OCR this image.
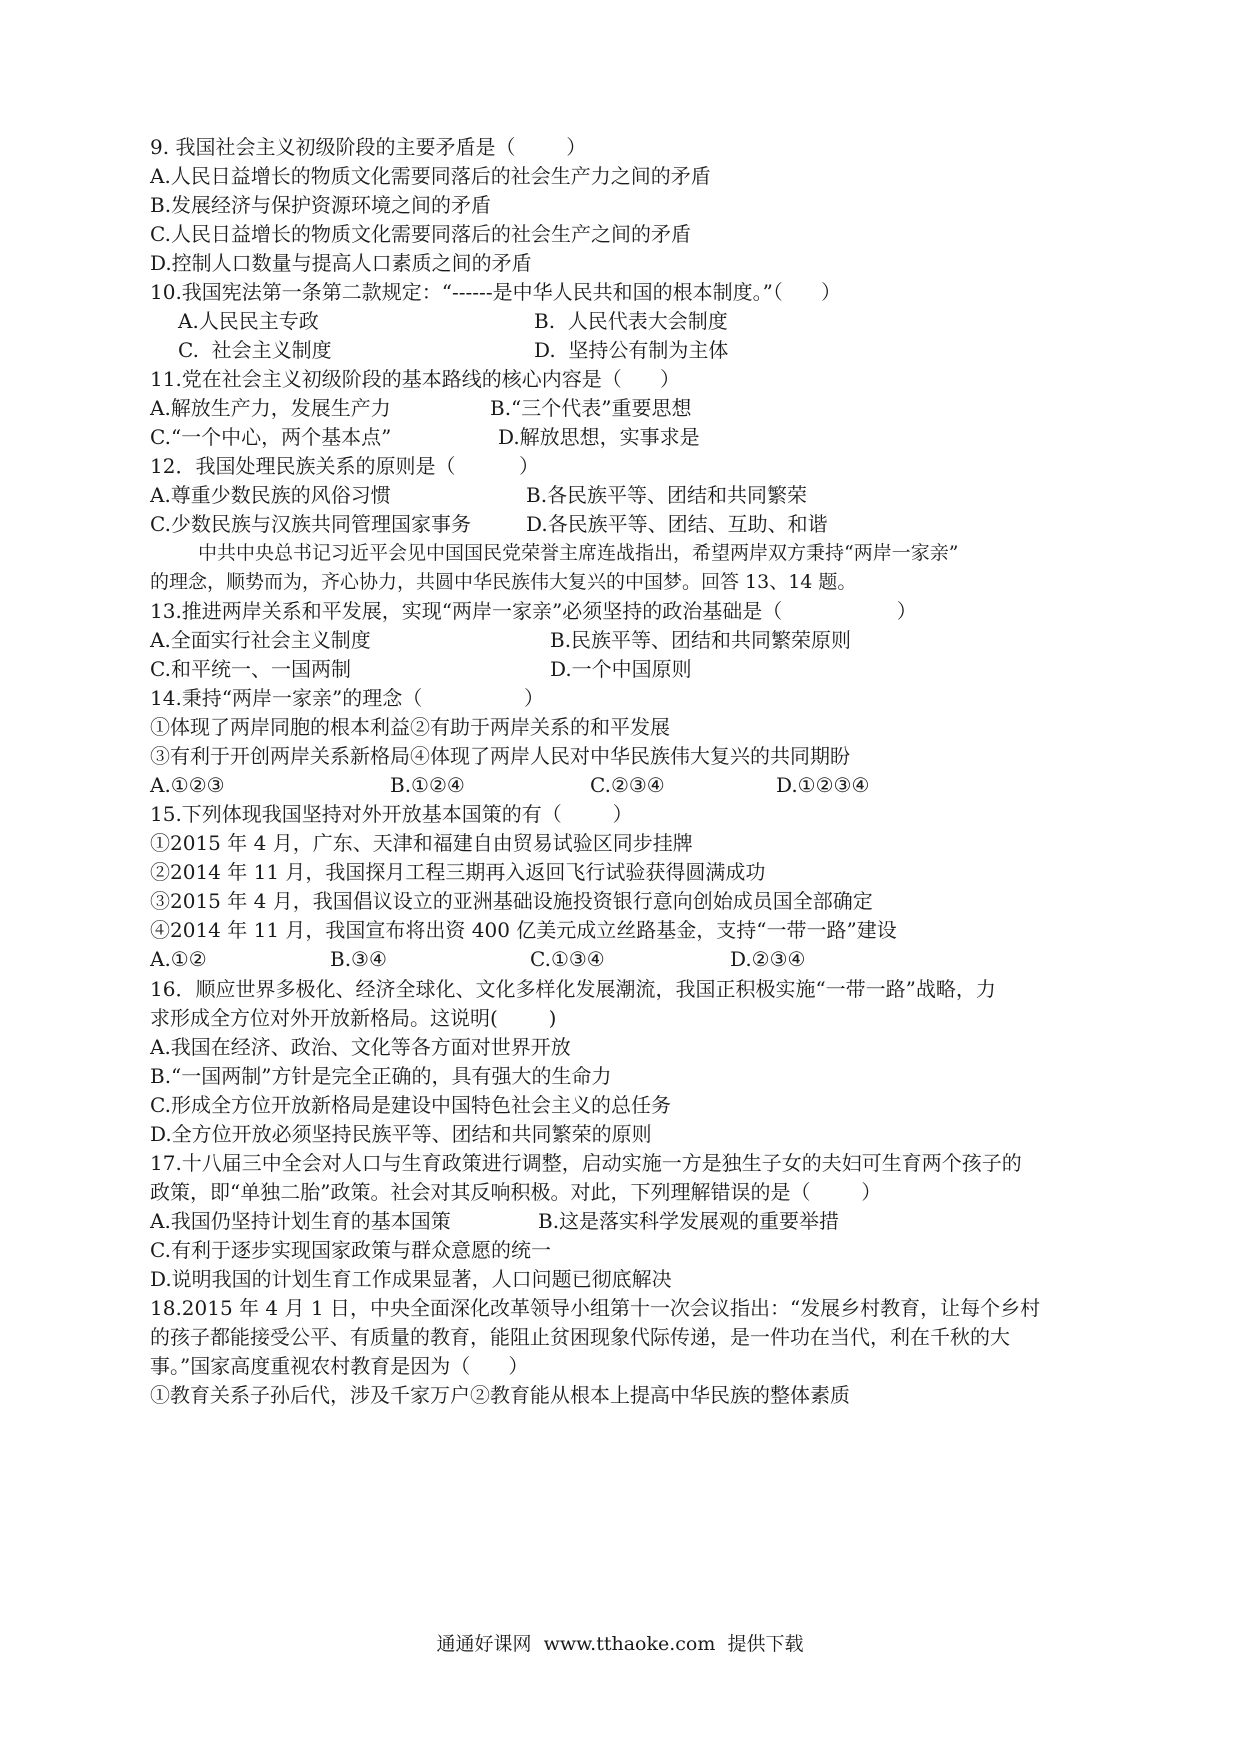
9. 我国社会主义初级阶段的主要矛盾是（        ）
A.人民日益增长的物质文化需要同落后的社会生产力之间的矛盾
B.发展经济与保护资源环境之间的矛盾
C.人民日益增长的物质文化需要同落后的社会生产之间的矛盾
D.控制人口数量与提高人口素质之间的矛盾
10.我国宪法第一条第二款规定：“------是中华人民共和国的根本制度。”（      ）

A.人民民主专政

	B.  人民代表大会制度

C.  社会主义制度

	D.  坚持公有制为主体

11.党在社会主义初级阶段的基本路线的核心内容是（      ）

A.解放生产力，发展生产力

	B.“三个代表”重要思想

C.“一个中心，两个基本点”

	D.解放思想，实事求是

12．我国处理民族关系的原则是（          ）

A.尊重少数民族的风俗习惯

	B.各民族平等、团结和共同繁荣

C.少数民族与汉族共同管理国家事务

	D.各民族平等、团结、互助、和谐

中共中央总书记习近平会见中国国民党荣誉主席连战指出，希望两岸双方秉持“两岸一家亲”
的理念，顺势而为，齐心协力，共圆中华民族伟大复兴的中国梦。回答 13、14 题。
13.推进两岸关系和平发展，实现“两岸一家亲”必须坚持的政治基础是（                  ）

A.全面实行社会主义制度

	B.民族平等、团结和共同繁荣原则

C.和平统一、一国两制

	D.一个中国原则

14.秉持“两岸一家亲”的理念（                ）
①体现了两岸同胞的根本利益②有助于两岸关系的和平发展
③有利于开创两岸关系新格局④体现了两岸人民对中华民族伟大复兴的共同期盼

A.①②③

	B.①②④

	C.②③④

	D.①②③④

15.下列体现我国坚持对外开放基本国策的有（        ）
①2015 年 4 月，广东、天津和福建自由贸易试验区同步挂牌
②2014 年 11 月，我国探月工程三期再入返回飞行试验获得圆满成功
③2015 年 4 月，我国倡议设立的亚洲基础设施投资银行意向创始成员国全部确定
④2014 年 11 月，我国宣布将出资 400 亿美元成立丝路基金，支持“一带一路”建设

A.①②

	B.③④

	C.①③④

	D.②③④

16．顺应世界多极化、经济全球化、文化多样化发展潮流，我国正积极实施“一带一路”战略，力
求形成全方位对外开放新格局。这说明(        )
A.我国在经济、政治、文化等各方面对世界开放
B.“一国两制”方针是完全正确的，具有强大的生命力
C.形成全方位开放新格局是建设中国特色社会主义的总任务
D.全方位开放必须坚持民族平等、团结和共同繁荣的原则
17.十八届三中全会对人口与生育政策进行调整，启动实施一方是独生子女的夫妇可生育两个孩子的
政策，即“单独二胎”政策。社会对其反响积极。对此，下列理解错误的是（        ）

A.我国仍坚持计划生育的基本国策

	B.这是落实科学发展观的重要举措

C.有利于逐步实现国家政策与群众意愿的统一
D.说明我国的计划生育工作成果显著，人口问题已彻底解决
18.2015 年 4 月 1 日，中央全面深化改革领导小组第十一次会议指出：“发展乡村教育，让每个乡村
的孩子都能接受公平、有质量的教育，能阻止贫困现象代际传递，是一件功在当代，利在千秋的大
事。”国家高度重视农村教育是因为（      ）
①教育关系子孙后代，涉及千家万户②教育能从根本上提高中华民族的整体素质
通通好课网  www.tthaoke.com  提供下载
